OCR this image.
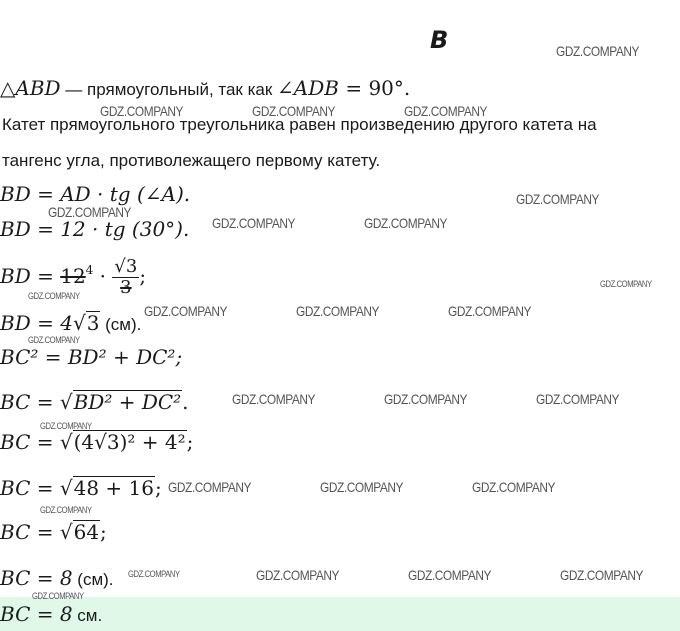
B
△ABD — прямоугольный, так как ∠ADB = 90°.
Катет прямоугольного треугольника равен произведению другого катета на
тангенс угла, противолежащего первому катету.
BD = AD · tg (∠A).
BD = 12 · tg (30°).
BD = $12^4 \cdot \frac{√3}{3}$ ;
BD = 4√3 (см).
BC² = BD² + DC²;
BC = √BD² + DC².
BC = √(4√3)² + 4²;
BC = √48 + 16;
BC = √64;
BC = 8 (см).
BC = 8 см.
GDZ.COMPANY
GDZ.COMPANY	GDZ.COMPANY	GDZ.COMPANY
GDZ.COMPANY
GDZ.COMPANY
GDZ.COMPANY	GDZ.COMPANY
GDZ.COMPANY
GDZ.COMPANY
GDZ.COMPANY	GDZ.COMPANY	GDZ.COMPANY
GDZ.COMPANY
GDZ.COMPANY	GDZ.COMPANY	GDZ.COMPANY
GDZ.COMPANY
GDZ.COMPANY	GDZ.COMPANY	GDZ.COMPANY
GDZ.COMPANY
GDZ.COMPANY	GDZ.COMPANY	GDZ.COMPANY	GDZ.COMPANY
GDZ.COMPANY
